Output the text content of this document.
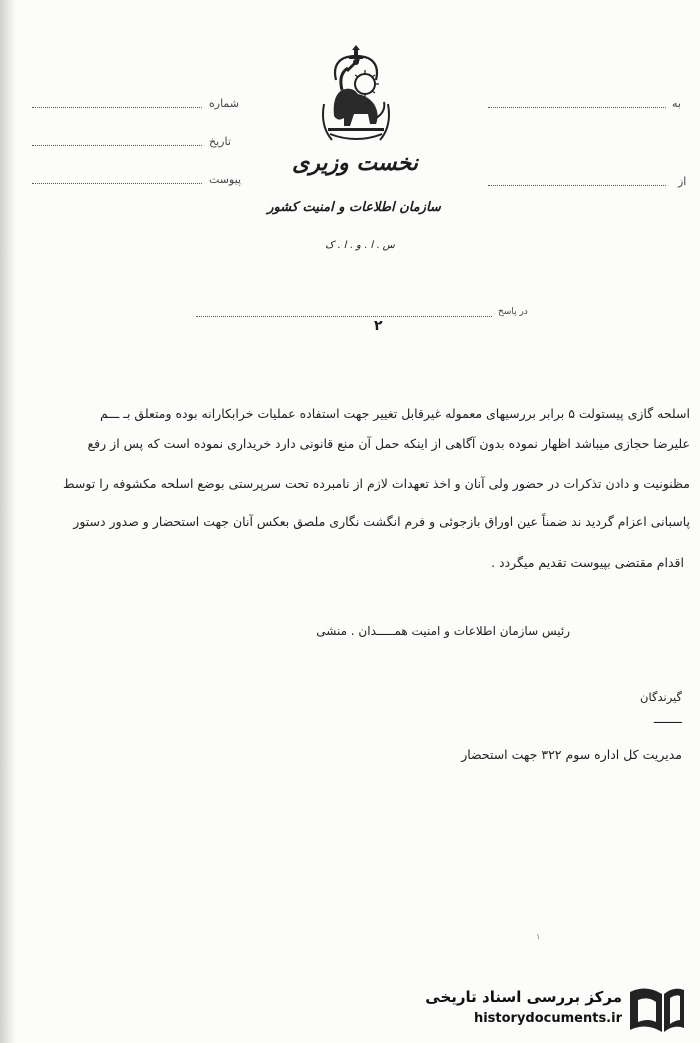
شماره
تاریخ
پیوست
به
از
نخست وزیری
سازمان اطلاعات و امنیت کشور
س . ا . و . ا . ک
در پاسخ
۲
اسلحه گازی پیستولت ۵ برابر بررسیهای معموله غیرقابل تغییر جهت استفاده عملیات خرابکارانه بوده ومتعلق بـ ـــم
علیرضا حجازی میباشد اظهار نموده بدون آگاهی از اینکه حمل آن منع قانونی دارد خریداری نموده است که پس از رفع
مظنونیت و دادن تذکرات در حضور ولی آنان و اخذ تعهدات لازم از نامبرده تحت سرپرستی بوضع اسلحه مکشوفه را توسط
پاسبانی اعزام گردید ند ضمناً عین اوراق بازجوئی و فرم انگشت نگاری ملصق بعکس آنان جهت استحضار و صدور دستور
اقدام مقتضی بپیوست تقدیم میگردد .
رئیس سازمان اطلاعات و امنیت همـــــدان . منشی
گیرندگان
ــــــــ
مدیریت کل اداره سوم ۳۲۲ جهت استحضار
۱
مرکز بررسی اسناد تاریخی
historydocuments.ir
